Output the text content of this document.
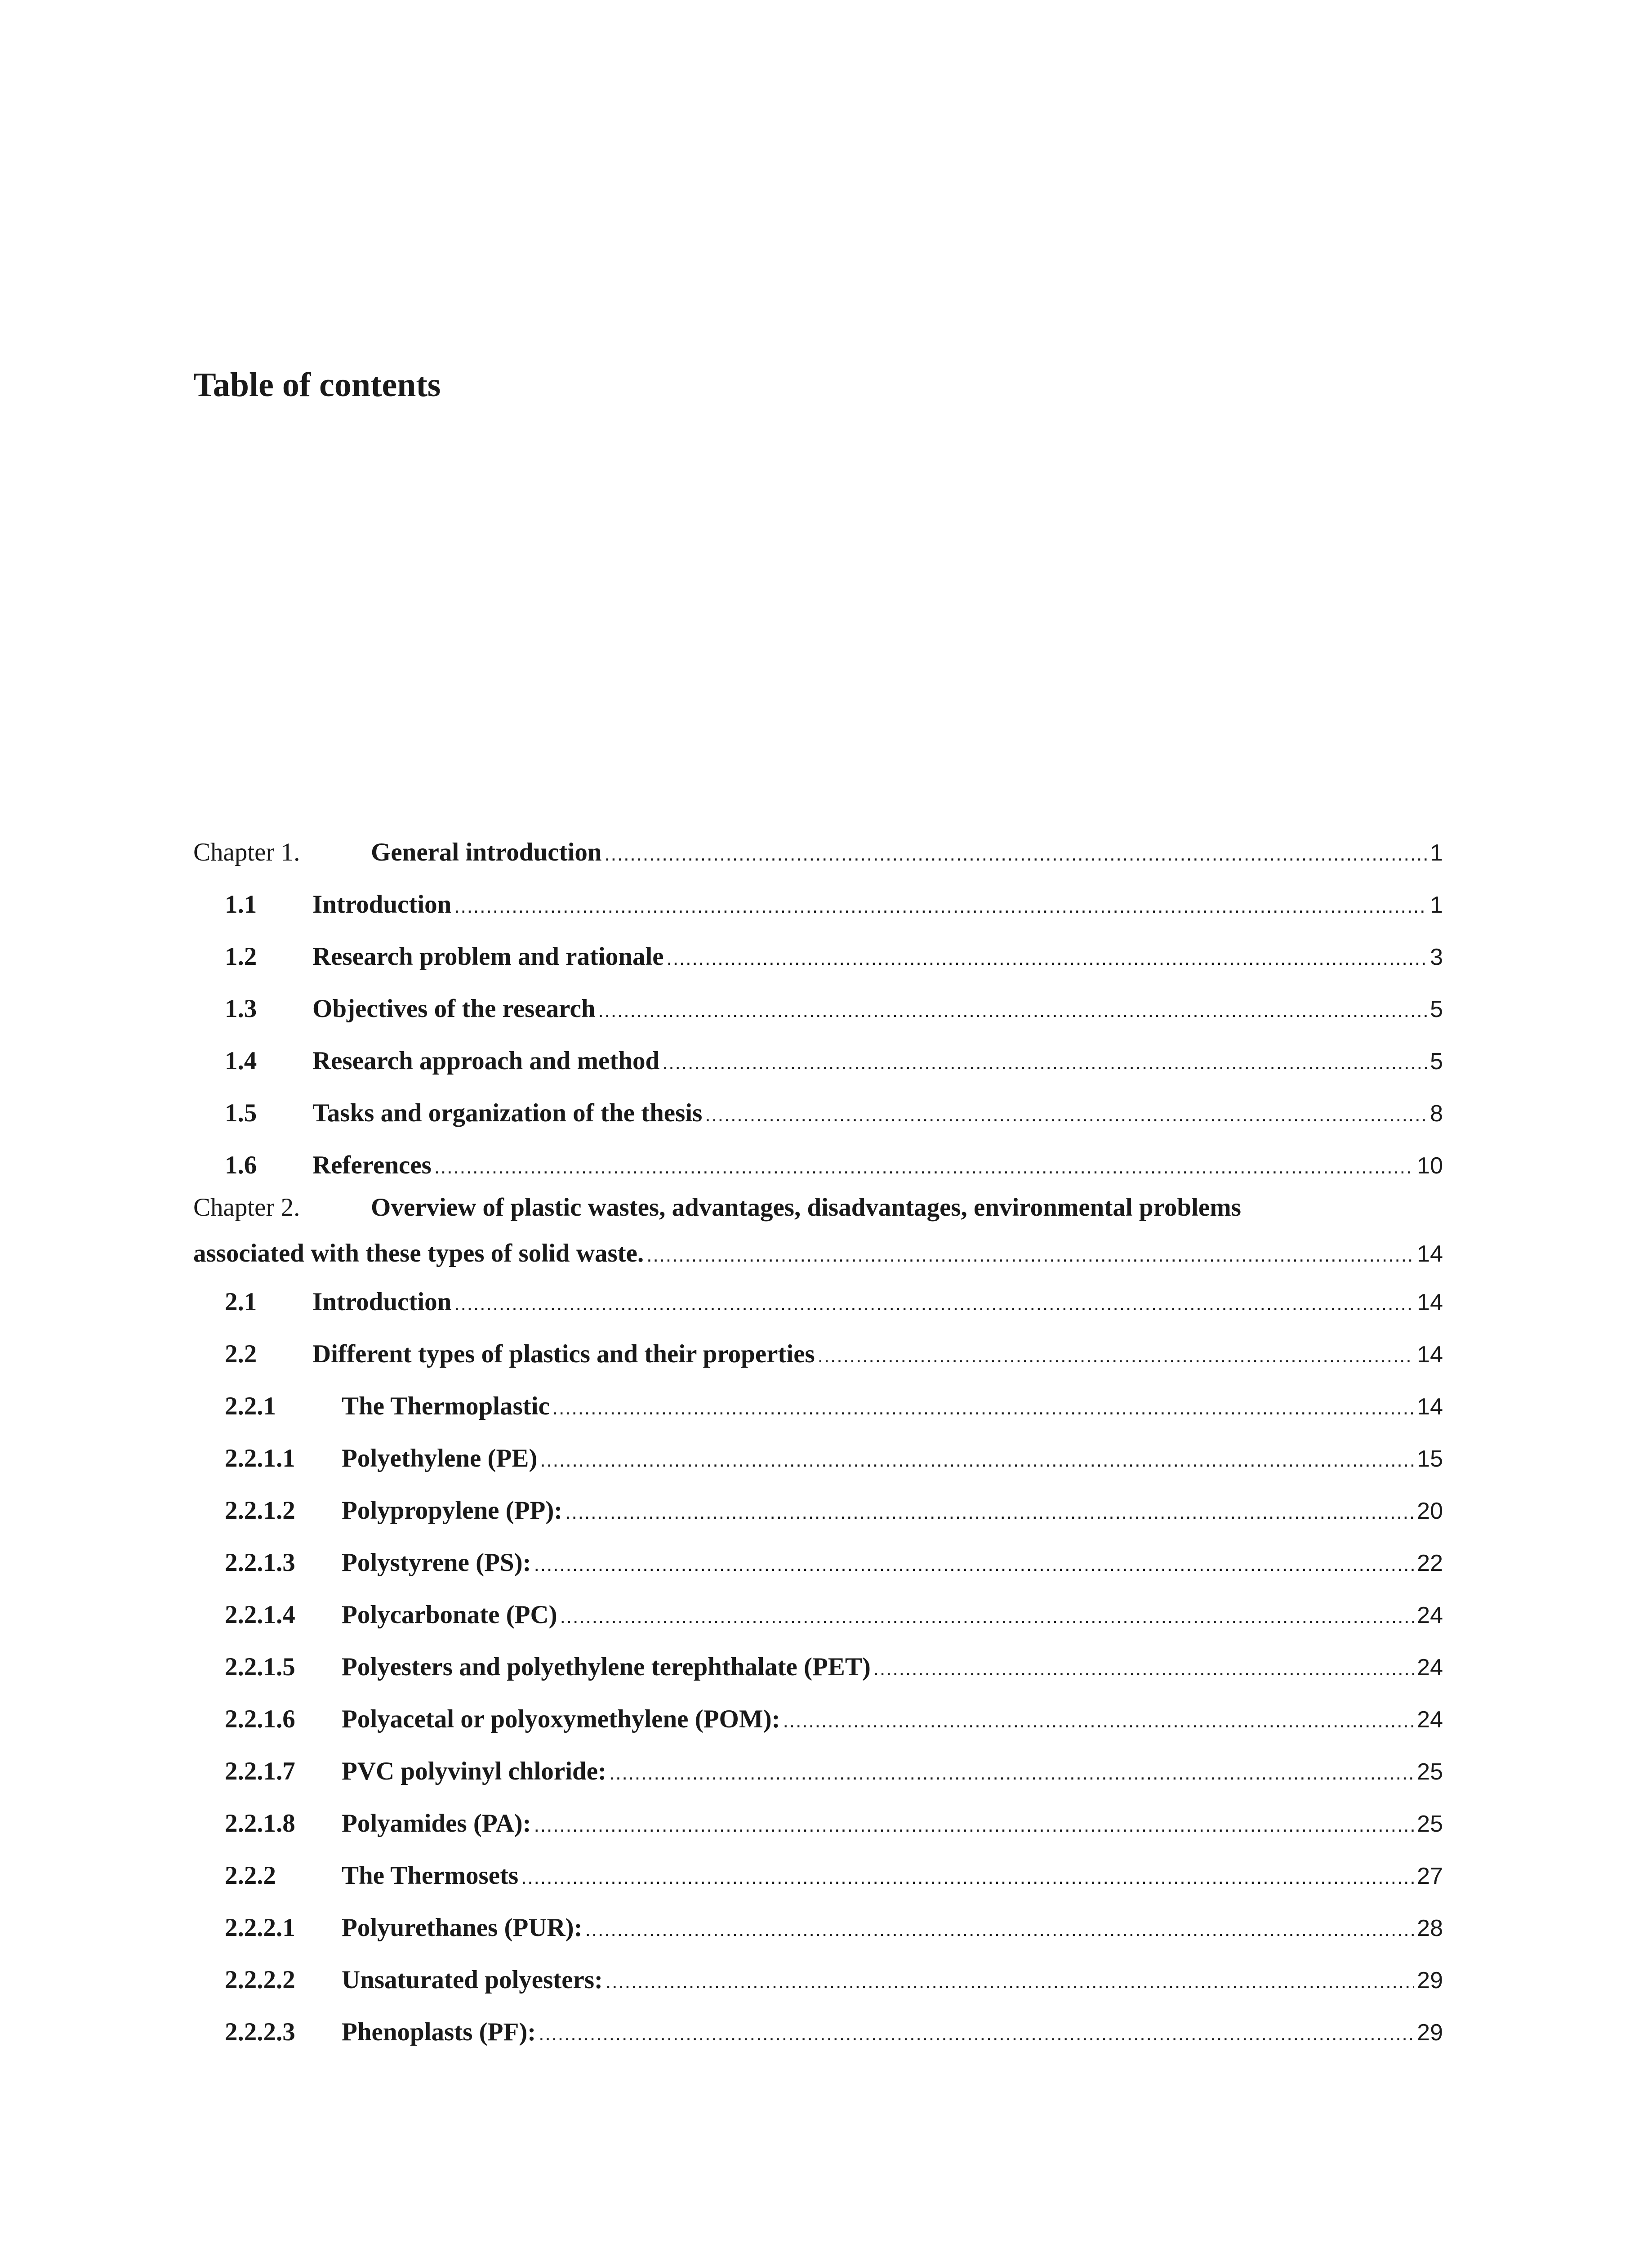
Table of contents
Chapter 1.	General introduction .....	1
1.1	Introduction .....	1
1.2	Research problem and rationale .....	3
1.3	Objectives of the research .....	5
1.4	Research approach and method .....	5
1.5	Tasks and organization of the thesis .....	8
1.6	References .....	10
Chapter 2.	Overview of plastic wastes, advantages, disadvantages, environmental problems
associated with these types of solid waste. .....	14
2.1	Introduction .....	14
2.2	Different types of plastics and their properties .....	14
2.2.1	The Thermoplastic .....	14
2.2.1.1	Polyethylene (PE) .....	15
2.2.1.2	Polypropylene (PP): .....	20
2.2.1.3	Polystyrene (PS): .....	22
2.2.1.4	Polycarbonate (PC) .....	24
2.2.1.5	Polyesters and polyethylene terephthalate (PET) .....	24
2.2.1.6	Polyacetal or polyoxymethylene (POM): .....	24
2.2.1.7	PVC polyvinyl chloride: .....	25
2.2.1.8	Polyamides (PA): .....	25
2.2.2	The Thermosets .....	27
2.2.2.1	Polyurethanes (PUR): .....	28
2.2.2.2	Unsaturated polyesters: .....	29
2.2.2.3	Phenoplasts (PF): .....	29
